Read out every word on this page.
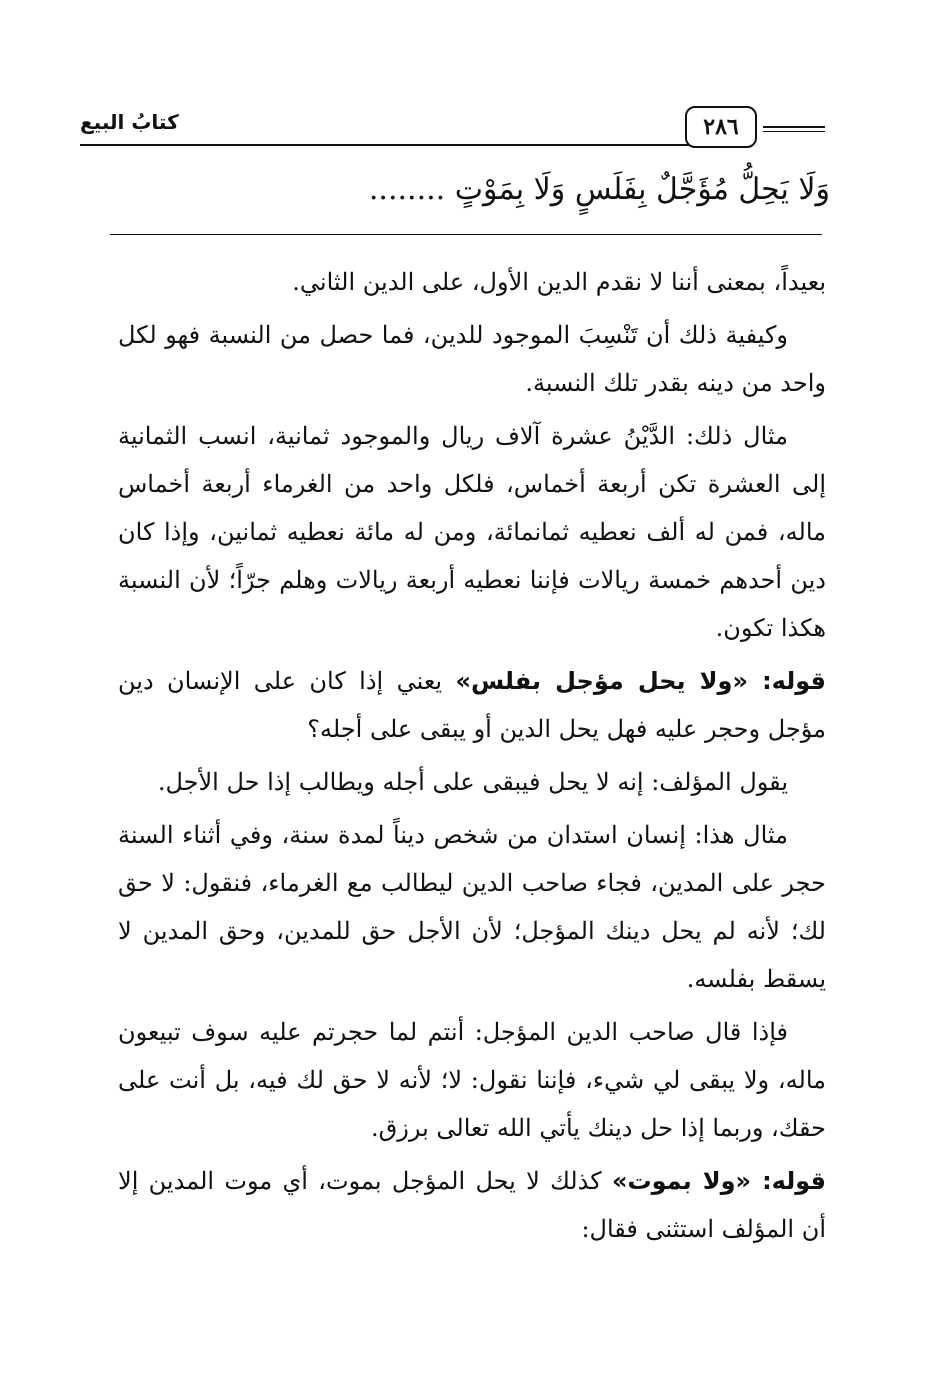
كتابُ البيع	٢٨٦
وَلَا يَحِلُّ مُؤَجَّلٌ بِفَلَسٍ وَلَا بِمَوْتٍ ........

بعيداً، بمعنى أننا لا نقدم الدين الأول، على الدين الثاني.

وكيفية ذلك أن تَنْسِبَ الموجود للدين، فما حصل من النسبة فهو لكل واحد من دينه بقدر تلك النسبة.

مثال ذلك: الدَّيْنُ عشرة آلاف ريال والموجود ثمانية، انسب الثمانية إلى العشرة تكن أربعة أخماس، فلكل واحد من الغرماء أربعة أخماس ماله، فمن له ألف نعطيه ثمانمائة، ومن له مائة نعطيه ثمانين، وإذا كان دين أحدهم خمسة ريالات فإننا نعطيه أربعة ريالات وهلم جرّاً؛ لأن النسبة هكذا تكون.

قوله: «ولا يحل مؤجل بفلس» يعني إذا كان على الإنسان دين مؤجل وحجر عليه فهل يحل الدين أو يبقى على أجله؟

يقول المؤلف: إنه لا يحل فيبقى على أجله ويطالب إذا حل الأجل.

مثال هذا: إنسان استدان من شخص ديناً لمدة سنة، وفي أثناء السنة حجر على المدين، فجاء صاحب الدين ليطالب مع الغرماء، فنقول: لا حق لك؛ لأنه لم يحل دينك المؤجل؛ لأن الأجل حق للمدين، وحق المدين لا يسقط بفلسه.

فإذا قال صاحب الدين المؤجل: أنتم لما حجرتم عليه سوف تبيعون ماله، ولا يبقى لي شيء، فإننا نقول: لا؛ لأنه لا حق لك فيه، بل أنت على حقك، وربما إذا حل دينك يأتي الله تعالى برزق.

قوله: «ولا بموت» كذلك لا يحل المؤجل بموت، أي موت المدين إلا أن المؤلف استثنى فقال:
